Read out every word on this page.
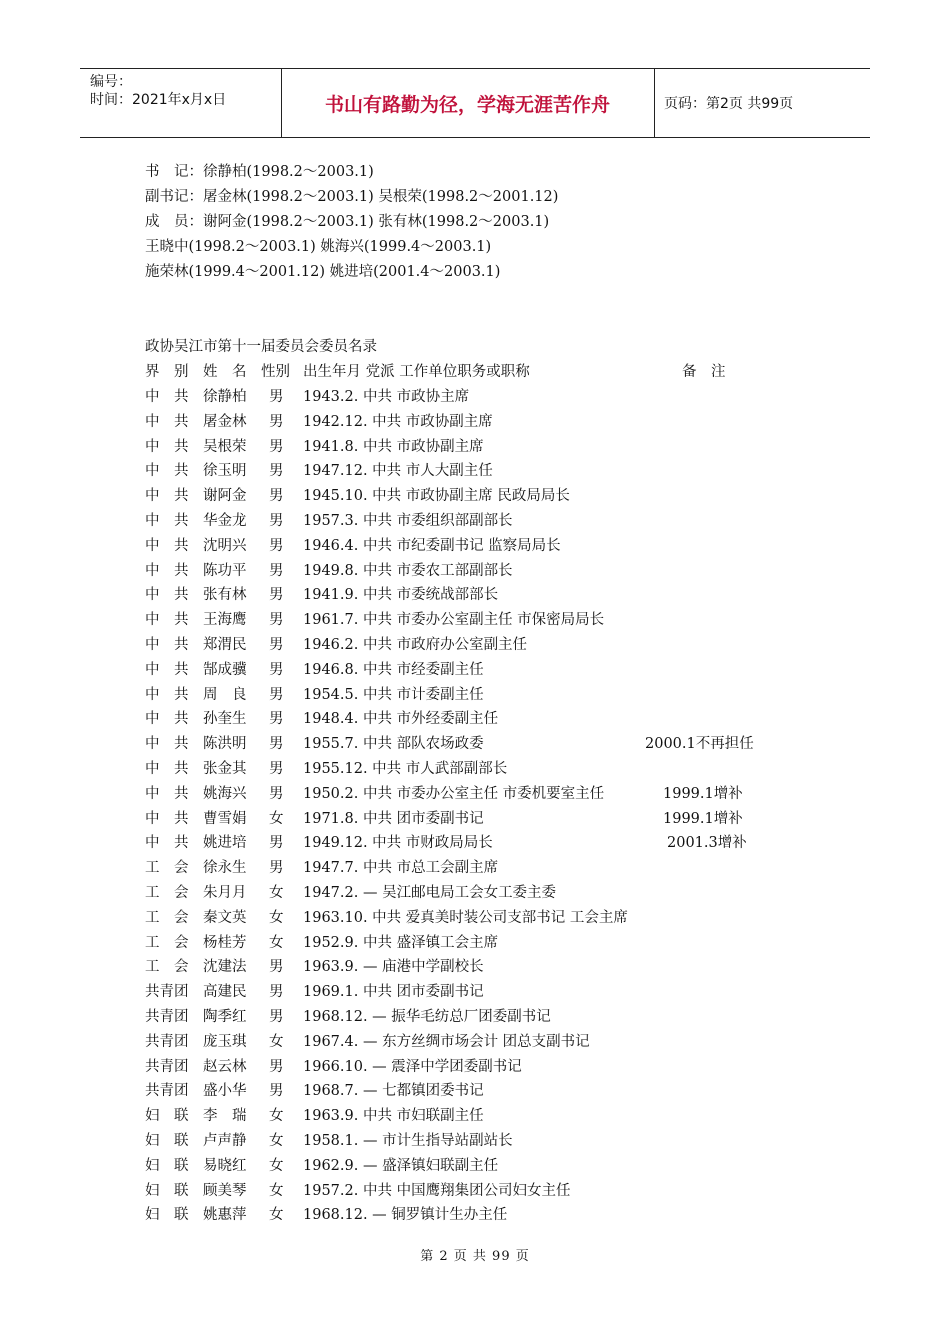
编号：
时间：2021年x月x日	书山有路勤为径，学海无涯苦作舟	页码：第2页 共99页
书　记：徐静柏(1998.2～2003.1)
副书记：屠金林(1998.2～2003.1) 吴根荣(1998.2～2001.12)
成　员：谢阿金(1998.2～2003.1) 张有林(1998.2～2003.1)
王晓中(1998.2～2003.1) 姚海兴(1999.4～2003.1)
施荣林(1999.4～2001.12) 姚进培(2001.4～2003.1)
政协吴江市第十一届委员会委员名录
界　别 姓　名 性别 出生年月 党派 工作单位职务或职称	备　注
中　共	徐静柏 男 1943.2. 中共 市政协主席
中　共	屠金林 男 1942.12. 中共 市政协副主席
中　共	吴根荣 男 1941.8. 中共 市政协副主席
中　共	徐玉明 男 1947.12. 中共 市人大副主任
中　共	谢阿金 男 1945.10. 中共 市政协副主席 民政局局长
中　共	华金龙 男 1957.3. 中共 市委组织部副部长
中　共	沈明兴 男 1946.4. 中共 市纪委副书记 监察局局长
中　共	陈功平 男 1949.8. 中共 市委农工部副部长
中　共	张有林 男 1941.9. 中共 市委统战部部长
中　共	王海鹰 男 1961.7. 中共 市委办公室副主任 市保密局局长
中　共	郑渭民 男 1946.2. 中共 市政府办公室副主任
中　共	郜成骥 男 1946.8. 中共 市经委副主任
中　共	周　良 男 1954.5. 中共 市计委副主任
中　共	孙奎生 男 1948.4. 中共 市外经委副主任
中　共	陈洪明 男 1955.7. 中共 部队农场政委	2000.1不再担任
中　共	张金其 男 1955.12. 中共 市人武部副部长
中　共	姚海兴 男 1950.2. 中共 市委办公室主任 市委机要室主任	1999.1增补
中　共	曹雪娟 女 1971.8. 中共 团市委副书记	1999.1增补
中　共	姚进培 男 1949.12. 中共 市财政局局长	2001.3增补
工　会	徐永生 男 1947.7. 中共 市总工会副主席
工　会	朱月月 女 1947.2. — 吴江邮电局工会女工委主委
工　会	秦文英 女 1963.10. 中共 爱真美时装公司支部书记 工会主席
工　会	杨桂芳 女 1952.9. 中共 盛泽镇工会主席
工　会	沈建法 男 1963.9. — 庙港中学副校长
共青团	高建民 男 1969.1. 中共 团市委副书记
共青团	陶季红 男 1968.12. — 振华毛纺总厂团委副书记
共青团	庞玉琪 女 1967.4. — 东方丝绸市场会计 团总支副书记
共青团	赵云林 男 1966.10. — 震泽中学团委副书记
共青团	盛小华 男 1968.7. — 七都镇团委书记
妇　联	李　瑞 女 1963.9. 中共 市妇联副主任
妇　联	卢声静 女 1958.1. — 市计生指导站副站长
妇　联	易晓红 女 1962.9. — 盛泽镇妇联副主任
妇　联	顾美琴 女 1957.2. 中共 中国鹰翔集团公司妇女主任
妇　联	姚惠萍 女 1968.12. — 铜罗镇计生办主任
第 2 页 共 99 页
